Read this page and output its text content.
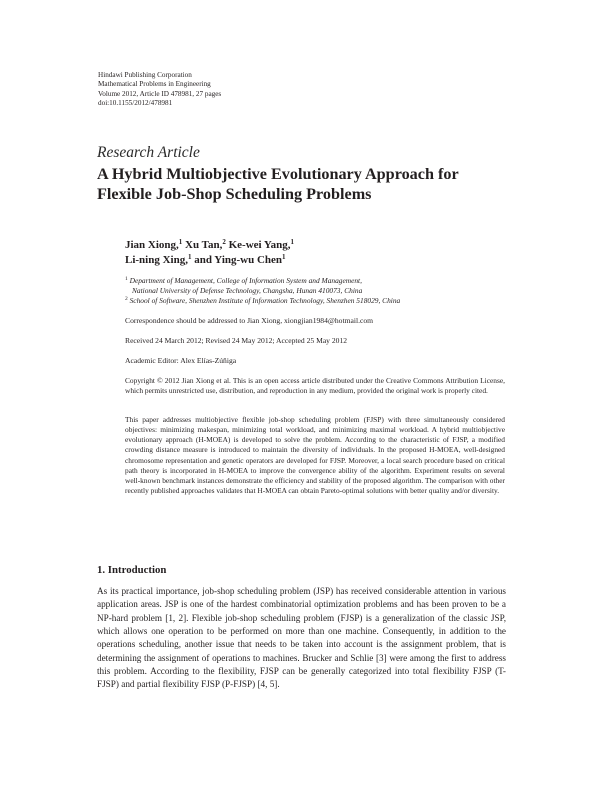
Hindawi Publishing Corporation
Mathematical Problems in Engineering
Volume 2012, Article ID 478981, 27 pages
doi:10.1155/2012/478981
Research Article
A Hybrid Multiobjective Evolutionary Approach for Flexible Job-Shop Scheduling Problems
Jian Xiong,$^1$ Xu Tan,$^2$ Ke-wei Yang,$^1$
Li-ning Xing,$^1$ and Ying-wu Chen$^1$
$^1$ Department of Management, College of Information System and Management,
National University of Defense Technology, Changsha, Hunan 410073, China
$^2$ School of Software, Shenzhen Institute of Information Technology, Shenzhen 518029, China
Correspondence should be addressed to Jian Xiong, xiongjian1984@hotmail.com
Received 24 March 2012; Revised 24 May 2012; Accepted 25 May 2012
Academic Editor: Alex Elías-Zúñiga
Copyright © 2012 Jian Xiong et al. This is an open access article distributed under the Creative Commons Attribution License, which permits unrestricted use, distribution, and reproduction in any medium, provided the original work is properly cited.
This paper addresses multiobjective flexible job-shop scheduling problem (FJSP) with three simultaneously considered objectives: minimizing makespan, minimizing total workload, and minimizing maximal workload. A hybrid multiobjective evolutionary approach (H-MOEA) is developed to solve the problem. According to the characteristic of FJSP, a modified crowding distance measure is introduced to maintain the diversity of individuals. In the proposed H-MOEA, well-designed chromosome representation and genetic operators are developed for FJSP. Moreover, a local search procedure based on critical path theory is incorporated in H-MOEA to improve the convergence ability of the algorithm. Experiment results on several well-known benchmark instances demonstrate the efficiency and stability of the proposed algorithm. The comparison with other recently published approaches validates that H-MOEA can obtain Pareto-optimal solutions with better quality and/or diversity.
1. Introduction
As its practical importance, job-shop scheduling problem (JSP) has received considerable attention in various application areas. JSP is one of the hardest combinatorial optimization problems and has been proven to be a NP-hard problem [1, 2]. Flexible job-shop scheduling problem (FJSP) is a generalization of the classic JSP, which allows one operation to be performed on more than one machine. Consequently, in addition to the operations scheduling, another issue that needs to be taken into account is the assignment problem, that is determining the assignment of operations to machines. Brucker and Schlie [3] were among the first to address this problem. According to the flexibility, FJSP can be generally categorized into total flexibility FJSP (T-FJSP) and partial flexibility FJSP (P-FJSP) [4, 5].
